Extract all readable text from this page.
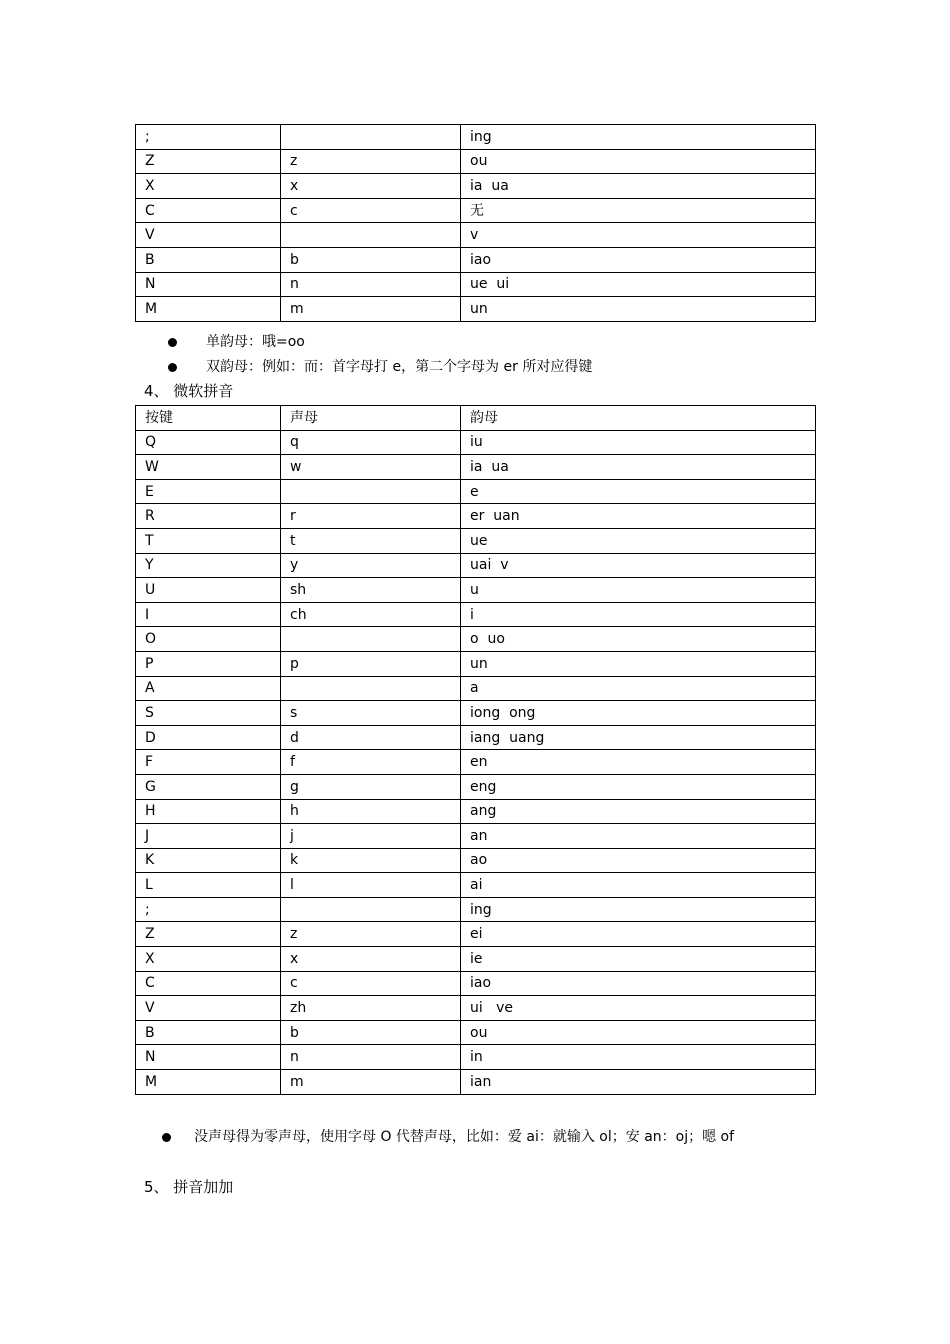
;		ing
Z	z	ou
X	x	ia  ua
C	c	无
V		v
B	b	iao
N	n	ue  ui
M	m	un
单韵母：哦=oo
双韵母：例如：而：首字母打 e，第二个字母为 er 所对应得键
4、 微软拼音
按键	声母	韵母
Q	q	iu
W	w	ia  ua
E		e
R	r	er  uan
T	t	ue
Y	y	uai  v
U	sh	u
I	ch	i
O		o  uo
P	p	un
A		a
S	s	iong  ong
D	d	iang  uang
F	f	en
G	g	eng
H	h	ang
J	j	an
K	k	ao
L	l	ai
;		ing
Z	z	ei
X	x	ie
C	c	iao
V	zh	ui   ve
B	b	ou
N	n	in
M	m	ian
没声母得为零声母，使用字母 O 代替声母，比如：爱 ai：就输入 ol；安 an：oj；嗯 of
5、 拼音加加
